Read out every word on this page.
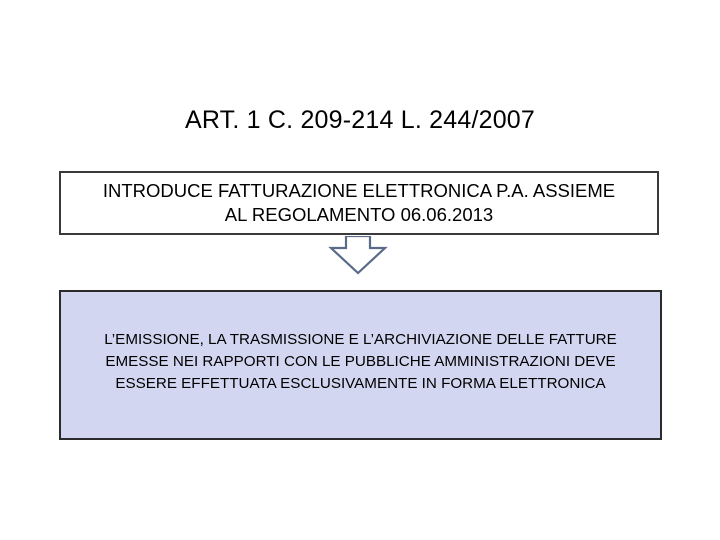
ART. 1 C. 209-214 L. 244/2007
INTRODUCE FATTURAZIONE ELETTRONICA P.A. ASSIEME
AL REGOLAMENTO 06.06.2013
L’EMISSIONE, LA TRASMISSIONE E L’ARCHIVIAZIONE DELLE FATTURE
EMESSE NEI RAPPORTI CON LE PUBBLICHE AMMINISTRAZIONI DEVE
ESSERE EFFETTUATA ESCLUSIVAMENTE IN FORMA ELETTRONICA
